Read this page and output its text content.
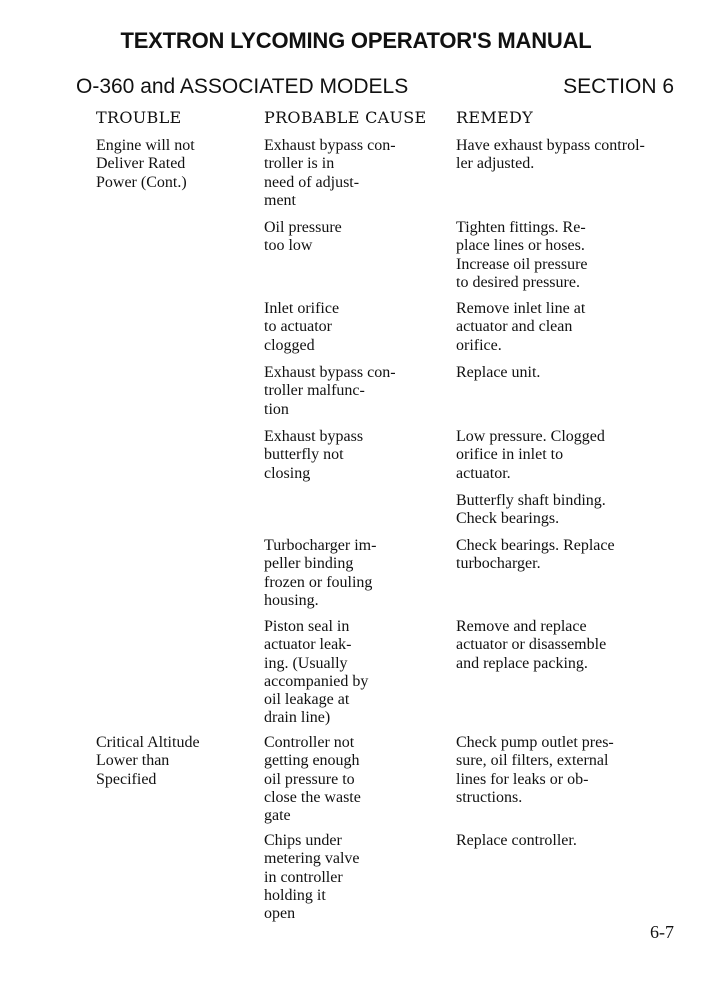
TEXTRON LYCOMING OPERATOR'S MANUAL
O-360 and ASSOCIATED MODELS	SECTION 6
TROUBLE	PROBABLE CAUSE REMEDY

Engine will not
Deliver Rated
Power (Cont.)

Critical Altitude
Lower than
Specified

Exhaust bypass con-
troller is in
need of adjust-
ment

Oil pressure
too low

Inlet orifice
to actuator
clogged

Exhaust bypass con-
troller malfunc-
tion

Exhaust bypass
butterfly not
closing

Turbocharger im-
peller binding
frozen or fouling
housing.

Piston seal in
actuator leak-
ing. (Usually
accompanied by
oil leakage at
drain line)

Controller not
getting enough
oil pressure to
close the waste
gate

Chips under
metering valve
in controller
holding it
open

Have exhaust bypass control-
ler adjusted.

Tighten fittings. Re-
place lines or hoses.
Increase oil pressure
to desired pressure.

Remove inlet line at
actuator and clean
orifice.

Replace unit.

Low pressure. Clogged
orifice in inlet to
actuator.

Butterfly shaft binding.
Check bearings.

Check bearings. Replace
turbocharger.

Remove and replace
actuator or disassemble
and replace packing.

Check pump outlet pres-
sure, oil filters, external
lines for leaks or ob-
structions.

Replace controller.

6-7
